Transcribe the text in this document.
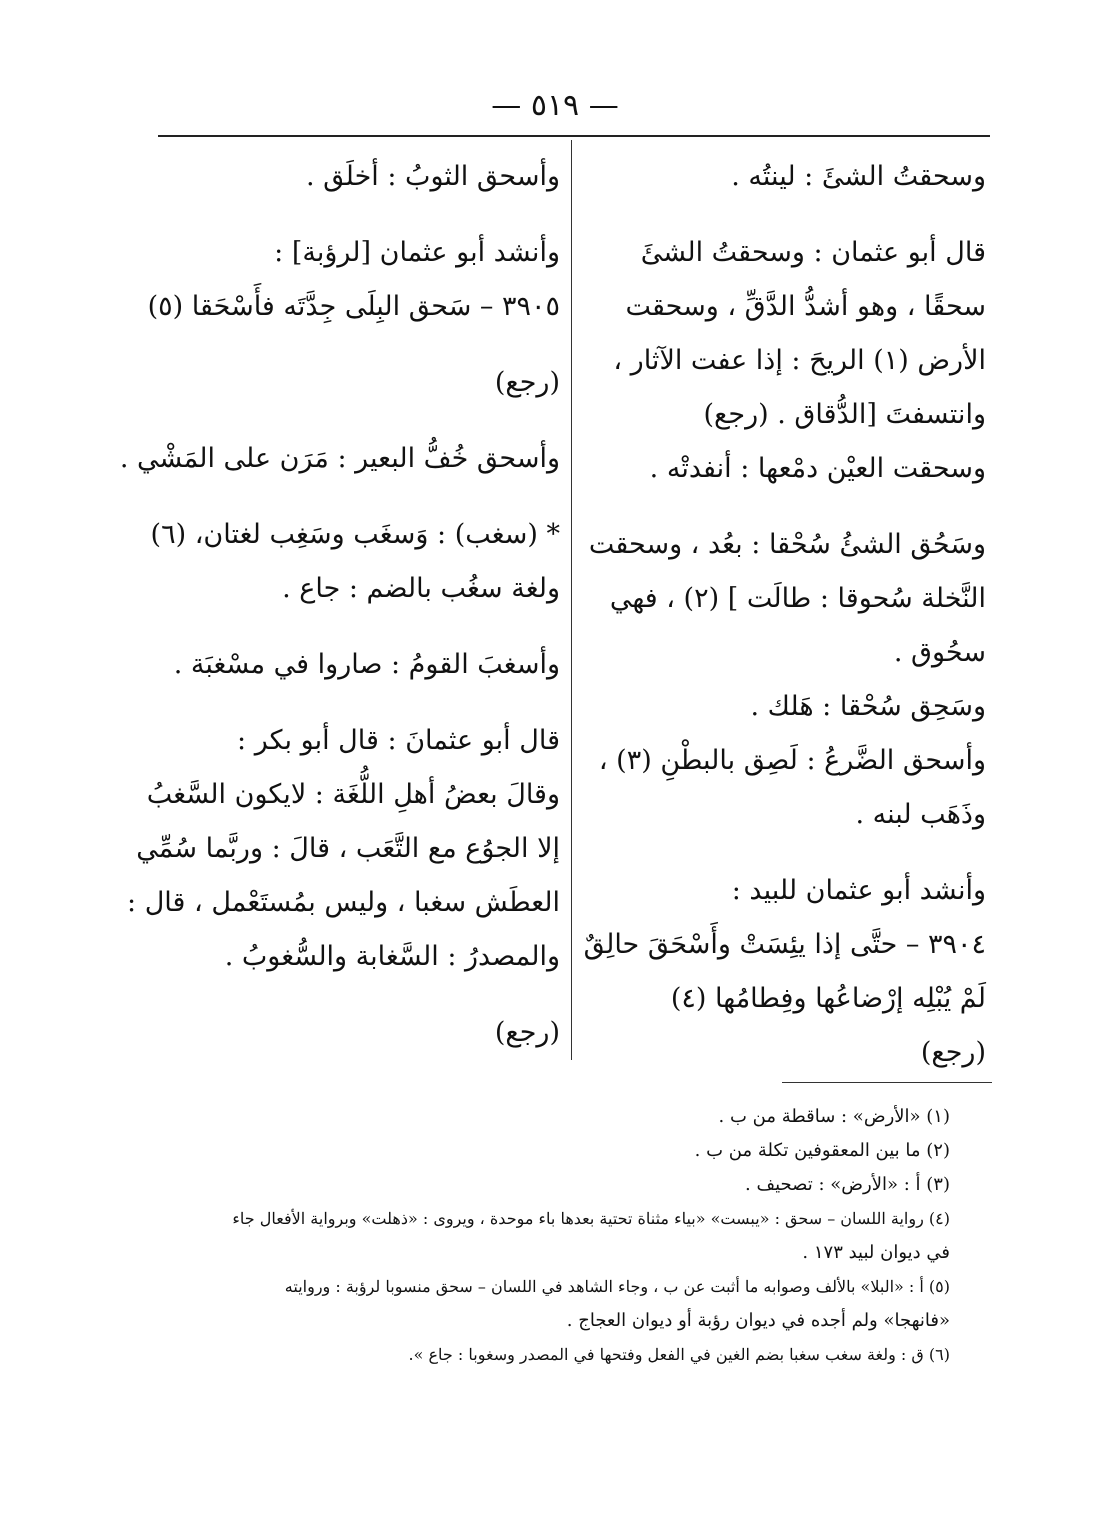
— ٥١٩ —
وسحقتُ الشئَ : لينتُه .
قال أبو عثمان : وسحقتُ الشئَ
سحقًا ، وهو أشدُّ الدَّقِّ ، وسحقت
الأرض (١) الريحَ : إذا عفت الآثار ،
وانتسفتَ [الدُّقاق . (رجع)
وسحقت العيْن دمْعها : أنفدتْه .
وسَحُق الشئُ سُحْقا : بعُد ، وسحقت
النَّخلة سُحوقا : طالَت ] (٢) ، فهي
سحُوق .
وسَحِق سُحْقا : هَلك .
وأسحق الضَّرعُ : لَصِق بالبطْنِ (٣) ،
وذَهَب لبنه .
وأنشد أبو عثمان للبيد :
٣٩٠٤ – حتَّى إذا يئِسَتْ وأَسْحَقَ حالِقٌ
لَمْ يُبْلِه إرْضاعُها وفِطامُها (٤)
(رجع)
وأسحق الثوبُ : أخلَق .
وأنشد أبو عثمان [لرؤبة] :
٣٩٠٥ – سَحق البِلَى جِدَّتَه فأَسْحَقا (٥)
(رجع)
وأسحق خُفُّ البعير : مَرَن على المَشْي .
* (سغب) : وَسغَب وسَغِب لغتان، (٦)
ولغة سغُب بالضم : جاع .
وأسغبَ القومُ : صاروا في مسْغبَة .
قال أبو عثمانَ : قال أبو بكر :
وقالَ بعضُ أهلِ اللُّغَة : لايكون السَّغبُ
إلا الجوُع مع التَّعَب ، قالَ : وربَّما سُمِّي
العطَش سغبا ، وليس بمُستَعْمل ، قال :
والمصدرُ : السَّغابة والسُّغوبُ .
(رجع)
(١) «الأرض» : ساقطة من ب .
(٢) ما بين المعقوفين تكلة من ب .
(٣) أ : «الأرض» : تصحيف .
(٤) رواية اللسان – سحق : «يبست» «بياء مثناة تحتية بعدها باء موحدة ، ويروى : «ذهلت» وبرواية الأفعال جاء
في ديوان لبيد ١٧٣ .
(٥) أ : «البلا» بالألف وصوابه ما أثبت عن ب ، وجاء الشاهد في اللسان – سحق منسوبا لرؤبة : وروايته
«فانهجا» ولم أجده في ديوان رؤبة أو ديوان العجاج .
(٦) ق : ولغة سغب سغبا بضم الغين في الفعل وفتحها في المصدر وسغوبا : جاع ».
